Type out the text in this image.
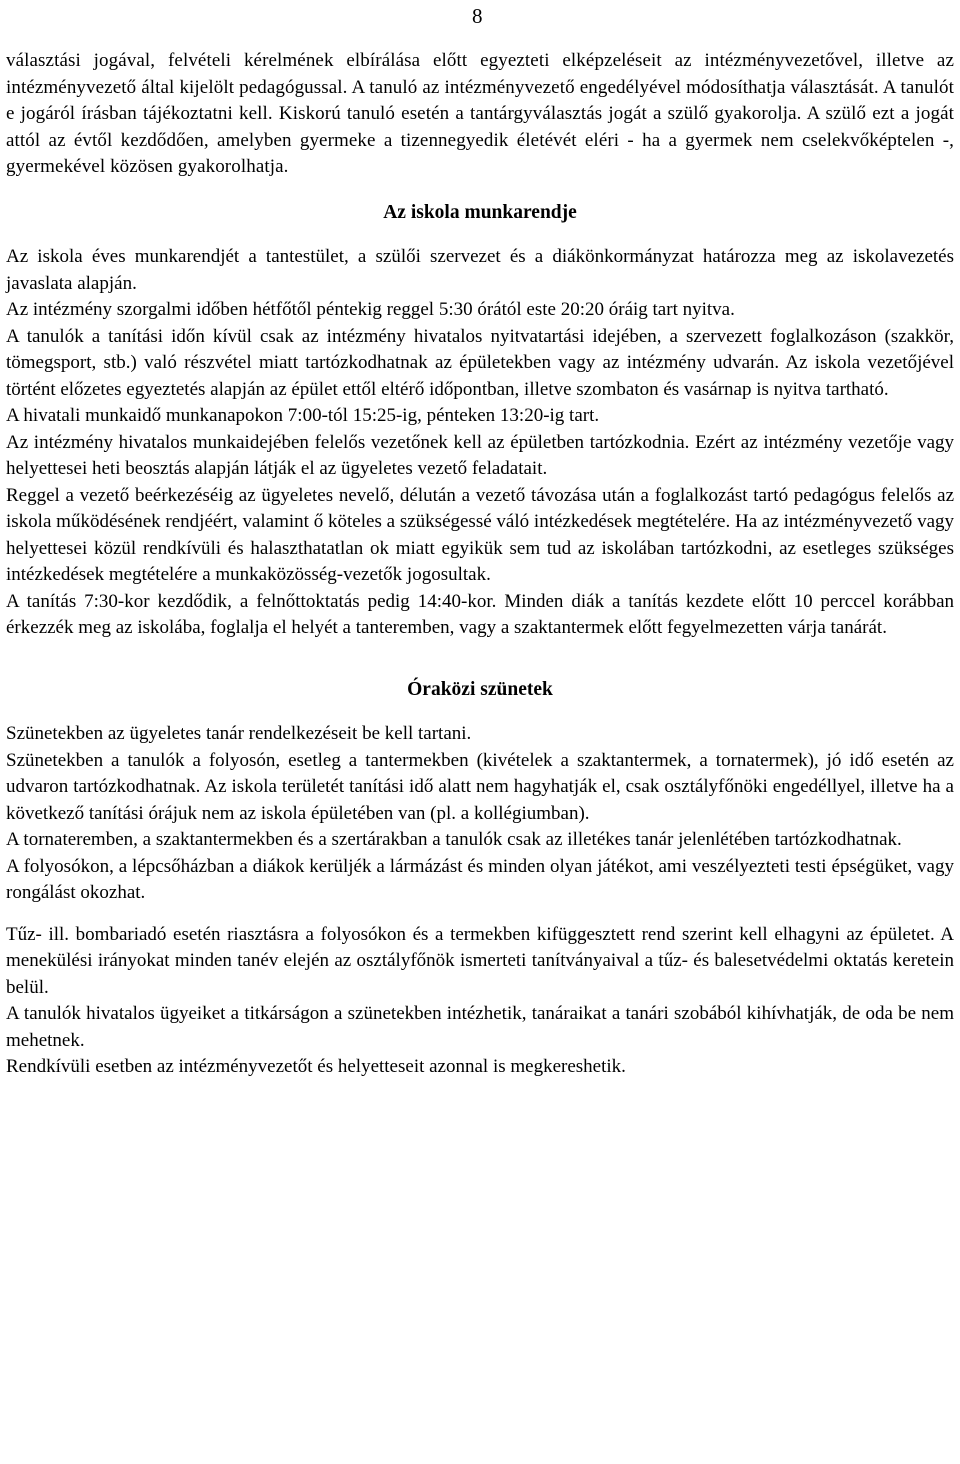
8

választási jogával, felvételi kérelmének elbírálása előtt egyezteti elképzeléseit az intézményvezetővel, illetve az intézményvezető által kijelölt pedagógussal. A tanuló az intézményvezető engedélyével módosíthatja választását. A tanulót e jogáról írásban tájékoztatni kell. Kiskorú tanuló esetén a tantárgyválasztás jogát a szülő gyakorolja. A szülő ezt a jogát attól az évtől kezdődően, amelyben gyermeke a tizennegyedik életévét eléri - ha a gyermek nem cselekvőképtelen -, gyermekével közösen gyakorolhatja.

Az iskola munkarendje

Az iskola éves munkarendjét a tantestület, a szülői szervezet és a diákönkormányzat határozza meg az iskolavezetés javaslata alapján.

Az intézmény szorgalmi időben hétfőtől péntekig reggel 5:30 órától este 20:20 óráig tart nyitva.

A tanulók a tanítási időn kívül csak az intézmény hivatalos nyitvatartási idejében, a szervezett foglalkozáson (szakkör, tömegsport, stb.) való részvétel miatt tartózkodhatnak az épületekben vagy az intézmény udvarán. Az iskola vezetőjével történt előzetes egyeztetés alapján az épület ettől eltérő időpontban, illetve szombaton és vasárnap is nyitva tartható.

A hivatali munkaidő munkanapokon 7:00-tól 15:25-ig, pénteken 13:20-ig tart.

Az intézmény hivatalos munkaidejében felelős vezetőnek kell az épületben tartózkodnia. Ezért az intézmény vezetője vagy helyettesei heti beosztás alapján látják el az ügyeletes vezető feladatait.

Reggel a vezető beérkezéséig az ügyeletes nevelő, délután a vezető távozása után a foglalkozást tartó pedagógus felelős az iskola működésének rendjéért, valamint ő köteles a szükségessé váló intézkedések megtételére. Ha az intézményvezető vagy helyettesei közül rendkívüli és halaszthatatlan ok miatt egyikük sem tud az iskolában tartózkodni, az esetleges szükséges intézkedések megtételére a munkaközösség-vezetők jogosultak.

A tanítás 7:30-kor kezdődik, a felnőttoktatás pedig 14:40-kor. Minden diák a tanítás kezdete előtt 10 perccel korábban érkezzék meg az iskolába, foglalja el helyét a tanteremben, vagy a szaktantermek előtt fegyelmezetten várja tanárát.

Óraközi szünetek

Szünetekben az ügyeletes tanár rendelkezéseit be kell tartani.

Szünetekben a tanulók a folyosón, esetleg a tantermekben (kivételek a szaktantermek, a tornatermek), jó idő esetén az udvaron tartózkodhatnak. Az iskola területét tanítási idő alatt nem hagyhatják el, csak osztályfőnöki engedéllyel, illetve ha a következő tanítási órájuk nem az iskola épületében van (pl. a kollégiumban).

A tornateremben, a szaktantermekben és a szertárakban a tanulók csak az illetékes tanár jelenlétében tartózkodhatnak.

A folyosókon, a lépcsőházban a diákok kerüljék a lármázást és minden olyan játékot, ami veszélyezteti testi épségüket, vagy rongálást okozhat.

Tűz- ill. bombariadó esetén riasztásra a folyosókon és a termekben kifüggesztett rend szerint kell elhagyni az épületet. A menekülési irányokat minden tanév elején az osztályfőnök ismerteti tanítványaival a tűz- és balesetvédelmi oktatás keretein belül.

A tanulók hivatalos ügyeiket a titkárságon a szünetekben intézhetik, tanáraikat a tanári szobából kihívhatják, de oda be nem mehetnek.

Rendkívüli esetben az intézményvezetőt és helyetteseit azonnal is megkereshetik.
